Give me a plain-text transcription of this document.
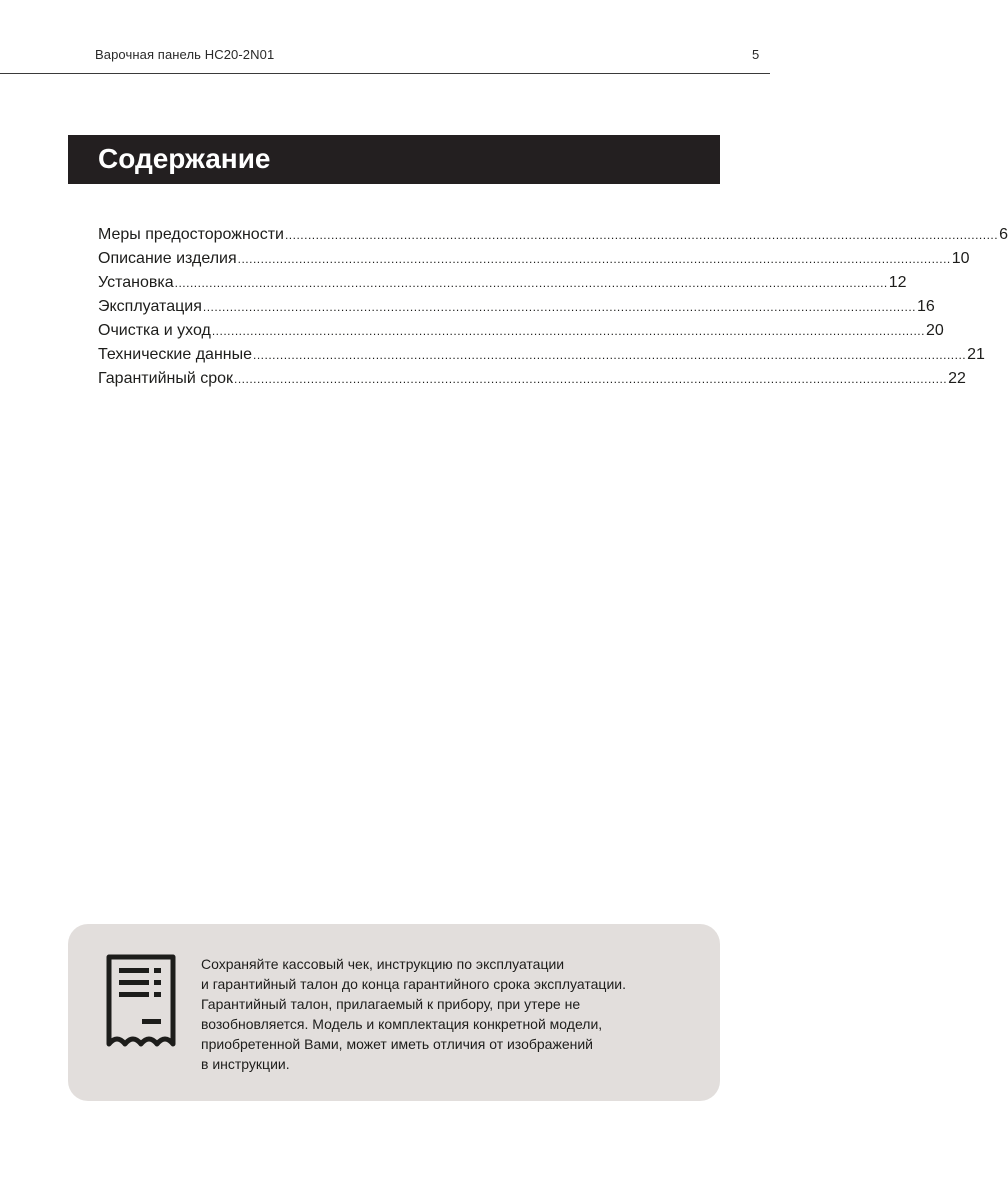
Варочная панель HC20-2N01	5
Содержание
Меры предосторожности .......................................................................................................................................................................................... 6
Описание изделия .......................................................................................................................................................................................... 10
Установка .......................................................................................................................................................................................... 12
Эксплуатация .......................................................................................................................................................................................... 16
Очистка и уход .......................................................................................................................................................................................... 20
Технические данные .......................................................................................................................................................................................... 21
Гарантийный срок .......................................................................................................................................................................................... 22
Сохраняйте кассовый чек, инструкцию по эксплуатации
и гарантийный талон до конца гарантийного срока эксплуатации.
Гарантийный талон, прилагаемый к прибору, при утере не
возобновляется. Модель и комплектация конкретной модели,
приобретенной Вами, может иметь отличия от изображений
в инструкции.
